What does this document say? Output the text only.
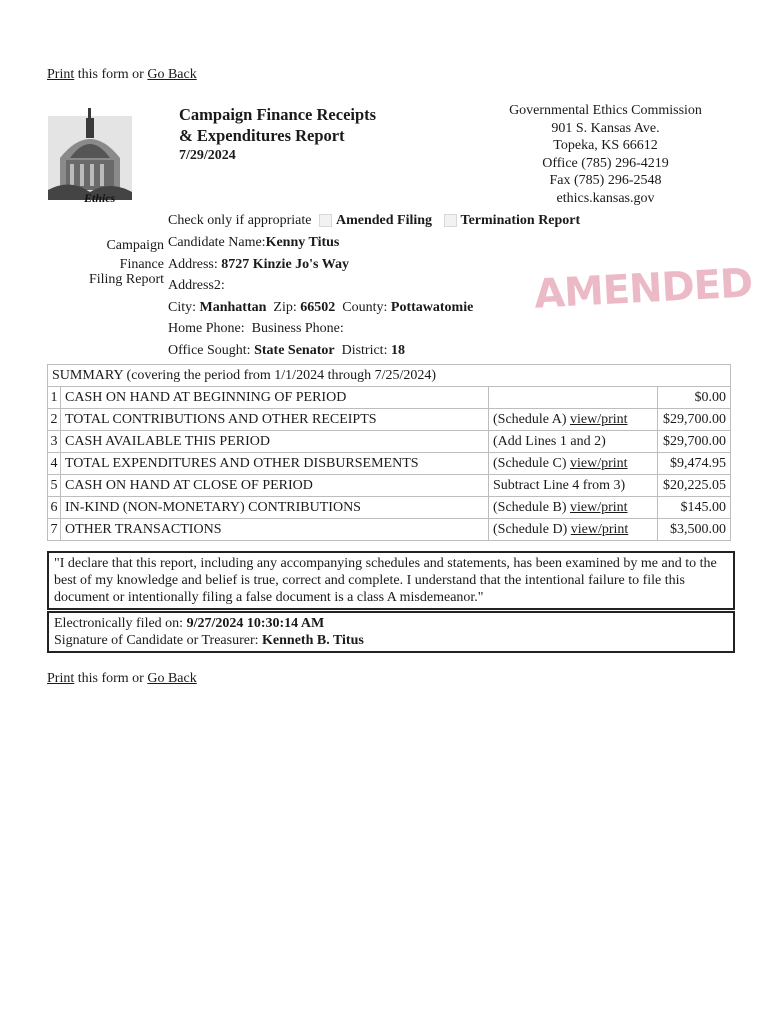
Print this form or Go Back
Ethics
Campaign Finance Receipts
& Expenditures Report
7/29/2024
Governmental Ethics Commission
901 S. Kansas Ave.
Topeka, KS 66612
Office (785) 296-4219
Fax (785) 296-2548
ethics.kansas.gov
Check only if appropriate Amended Filing Termination Report
Campaign
Finance
Filing Report
Candidate Name:Kenny Titus
Address: 8727 Kinzie Jo's Way
Address2:
City: Manhattan  Zip: 66502  County: Pottawatomie
Home Phone: Business Phone:
Office Sought: State Senator  District: 18
AMENDED
SUMMARY (covering the period from 1/1/2024 through 7/25/2024)			
1	CASH ON HAND AT BEGINNING OF PERIOD		$0.00
2	TOTAL CONTRIBUTIONS AND OTHER RECEIPTS	(Schedule A) view/print	$29,700.00
3	CASH AVAILABLE THIS PERIOD	(Add Lines 1 and 2)	$29,700.00
4	TOTAL EXPENDITURES AND OTHER DISBURSEMENTS	(Schedule C) view/print	$9,474.95
5	CASH ON HAND AT CLOSE OF PERIOD	Subtract Line 4 from 3)	$20,225.05
6	IN-KIND (NON-MONETARY) CONTRIBUTIONS	(Schedule B) view/print	$145.00
7	OTHER TRANSACTIONS	(Schedule D) view/print	$3,500.00
"I declare that this report, including any accompanying schedules and statements, has been examined by me and to the best of my knowledge and belief is true, correct and complete. I understand that the intentional failure to file this document or intentionally filing a false document is a class A misdemeanor."
Electronically filed on: 9/27/2024 10:30:14 AM
Signature of Candidate or Treasurer: Kenneth B. Titus
Print this form or Go Back
